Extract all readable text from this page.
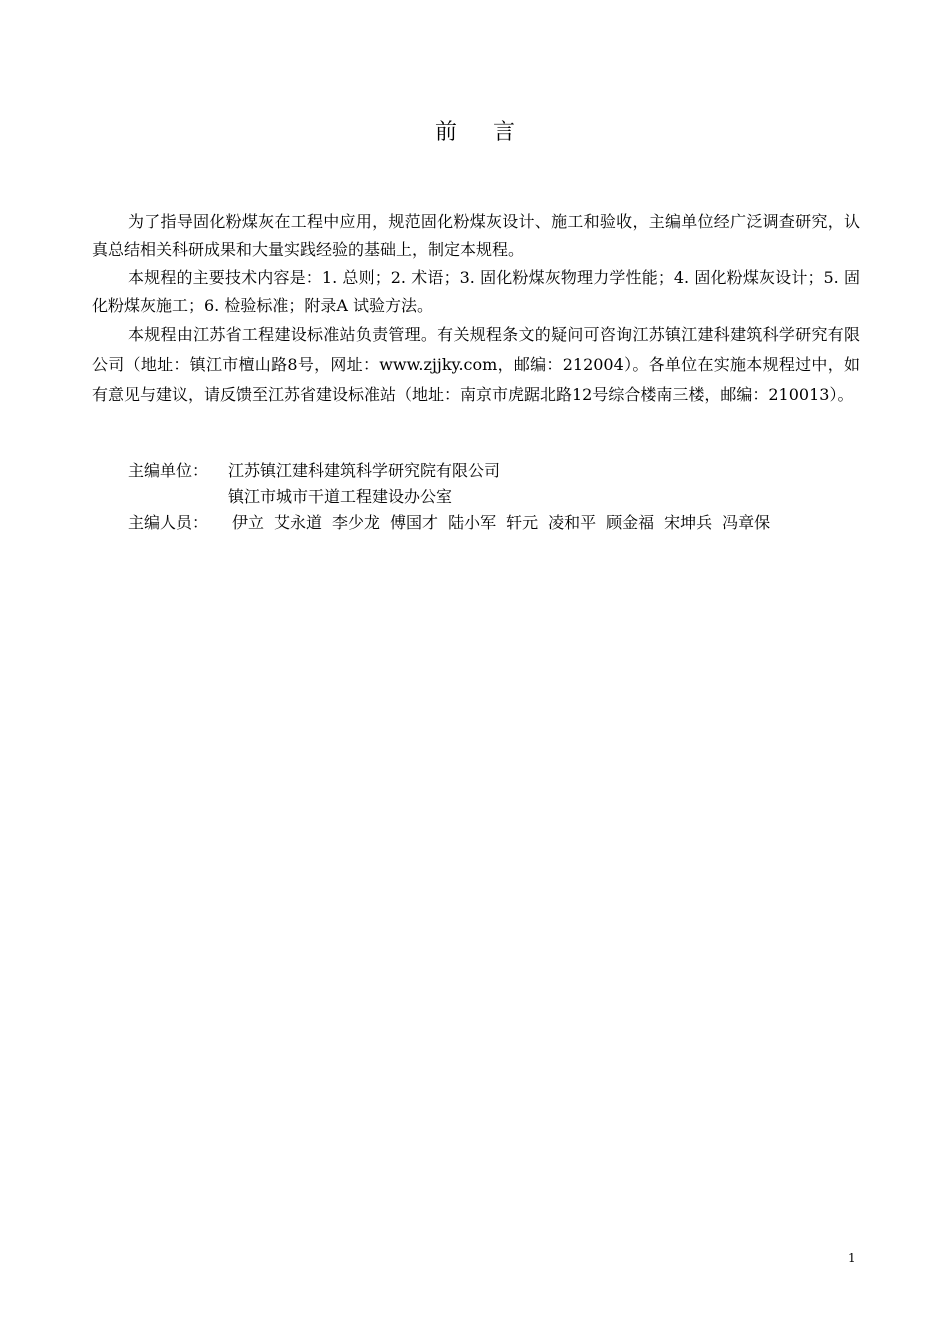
前言

为了指导固化粉煤灰在工程中应用，规范固化粉煤灰设计、施工和验收，主编单位经广泛调查研究，认真总结相关科研成果和大量实践经验的基础上，制定本规程。

本规程的主要技术内容是：1. 总则；2. 术语；3. 固化粉煤灰物理力学性能；4. 固化粉煤灰设计；5. 固化粉煤灰施工；6. 检验标准；附录A 试验方法。

本规程由江苏省工程建设标准站负责管理。有关规程条文的疑问可咨询江苏镇江建科建筑科学研究有限公司（地址：镇江市檀山路8号，网址：www.zjjky.com，邮编：212004）。各单位在实施本规程过中，如有意见与建议，请反馈至江苏省建设标准站（地址：南京市虎踞北路12号综合楼南三楼，邮编：210013）。

主编单位：	江苏镇江建科建筑科学研究院有限公司
镇江市城市干道工程建设办公室
主编人员：	伊立 艾永道 李少龙 傅国才 陆小军 轩元 凌和平 顾金福 宋坤兵 冯章保
1
